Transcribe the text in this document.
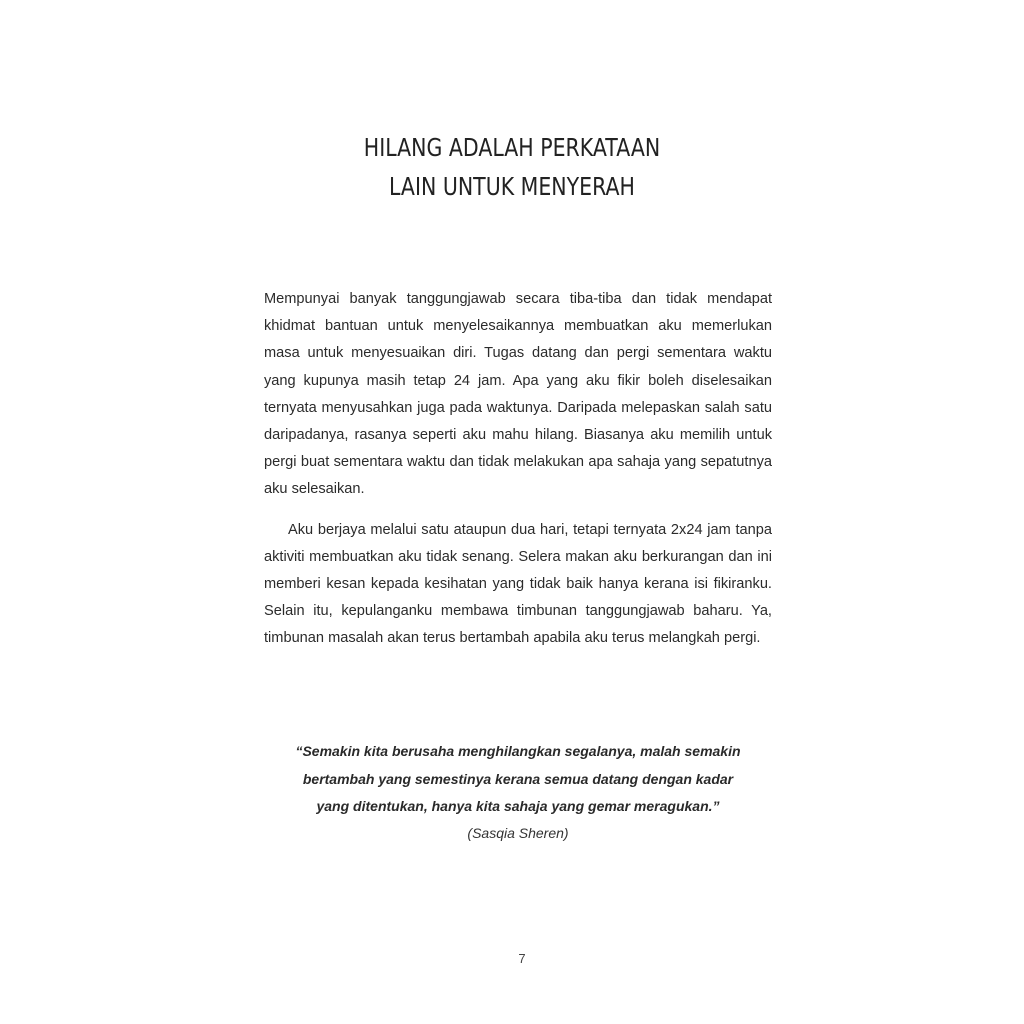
HILANG ADALAH PERKATAAN
LAIN UNTUK MENYERAH

Mempunyai banyak tanggungjawab secara tiba-tiba dan tidak mendapat khidmat bantuan untuk menyelesaikannya membuatkan aku memerlukan masa untuk menyesuaikan diri. Tugas datang dan pergi sementara waktu yang kupunya masih tetap 24 jam. Apa yang aku fikir boleh diselesaikan ternyata menyusahkan juga pada waktunya. Daripada melepaskan salah satu daripadanya, rasanya seperti aku mahu hilang. Biasanya aku memilih untuk pergi buat sementara waktu dan tidak melakukan apa sahaja yang sepatutnya aku selesaikan.

Aku berjaya melalui satu ataupun dua hari, tetapi ternyata 2x24 jam tanpa aktiviti membuatkan aku tidak senang. Selera makan aku berkurangan dan ini memberi kesan kepada kesihatan yang tidak baik hanya kerana isi fikiranku. Selain itu, kepulanganku membawa timbunan tanggungjawab baharu. Ya, timbunan masalah akan terus bertambah apabila aku terus melangkah pergi.

“Semakin kita berusaha menghilangkan segalanya, malah semakin
bertambah yang semestinya kerana semua datang dengan kadar
yang ditentukan, hanya kita sahaja yang gemar meragukan.”
(Sasqia Sheren)
7
